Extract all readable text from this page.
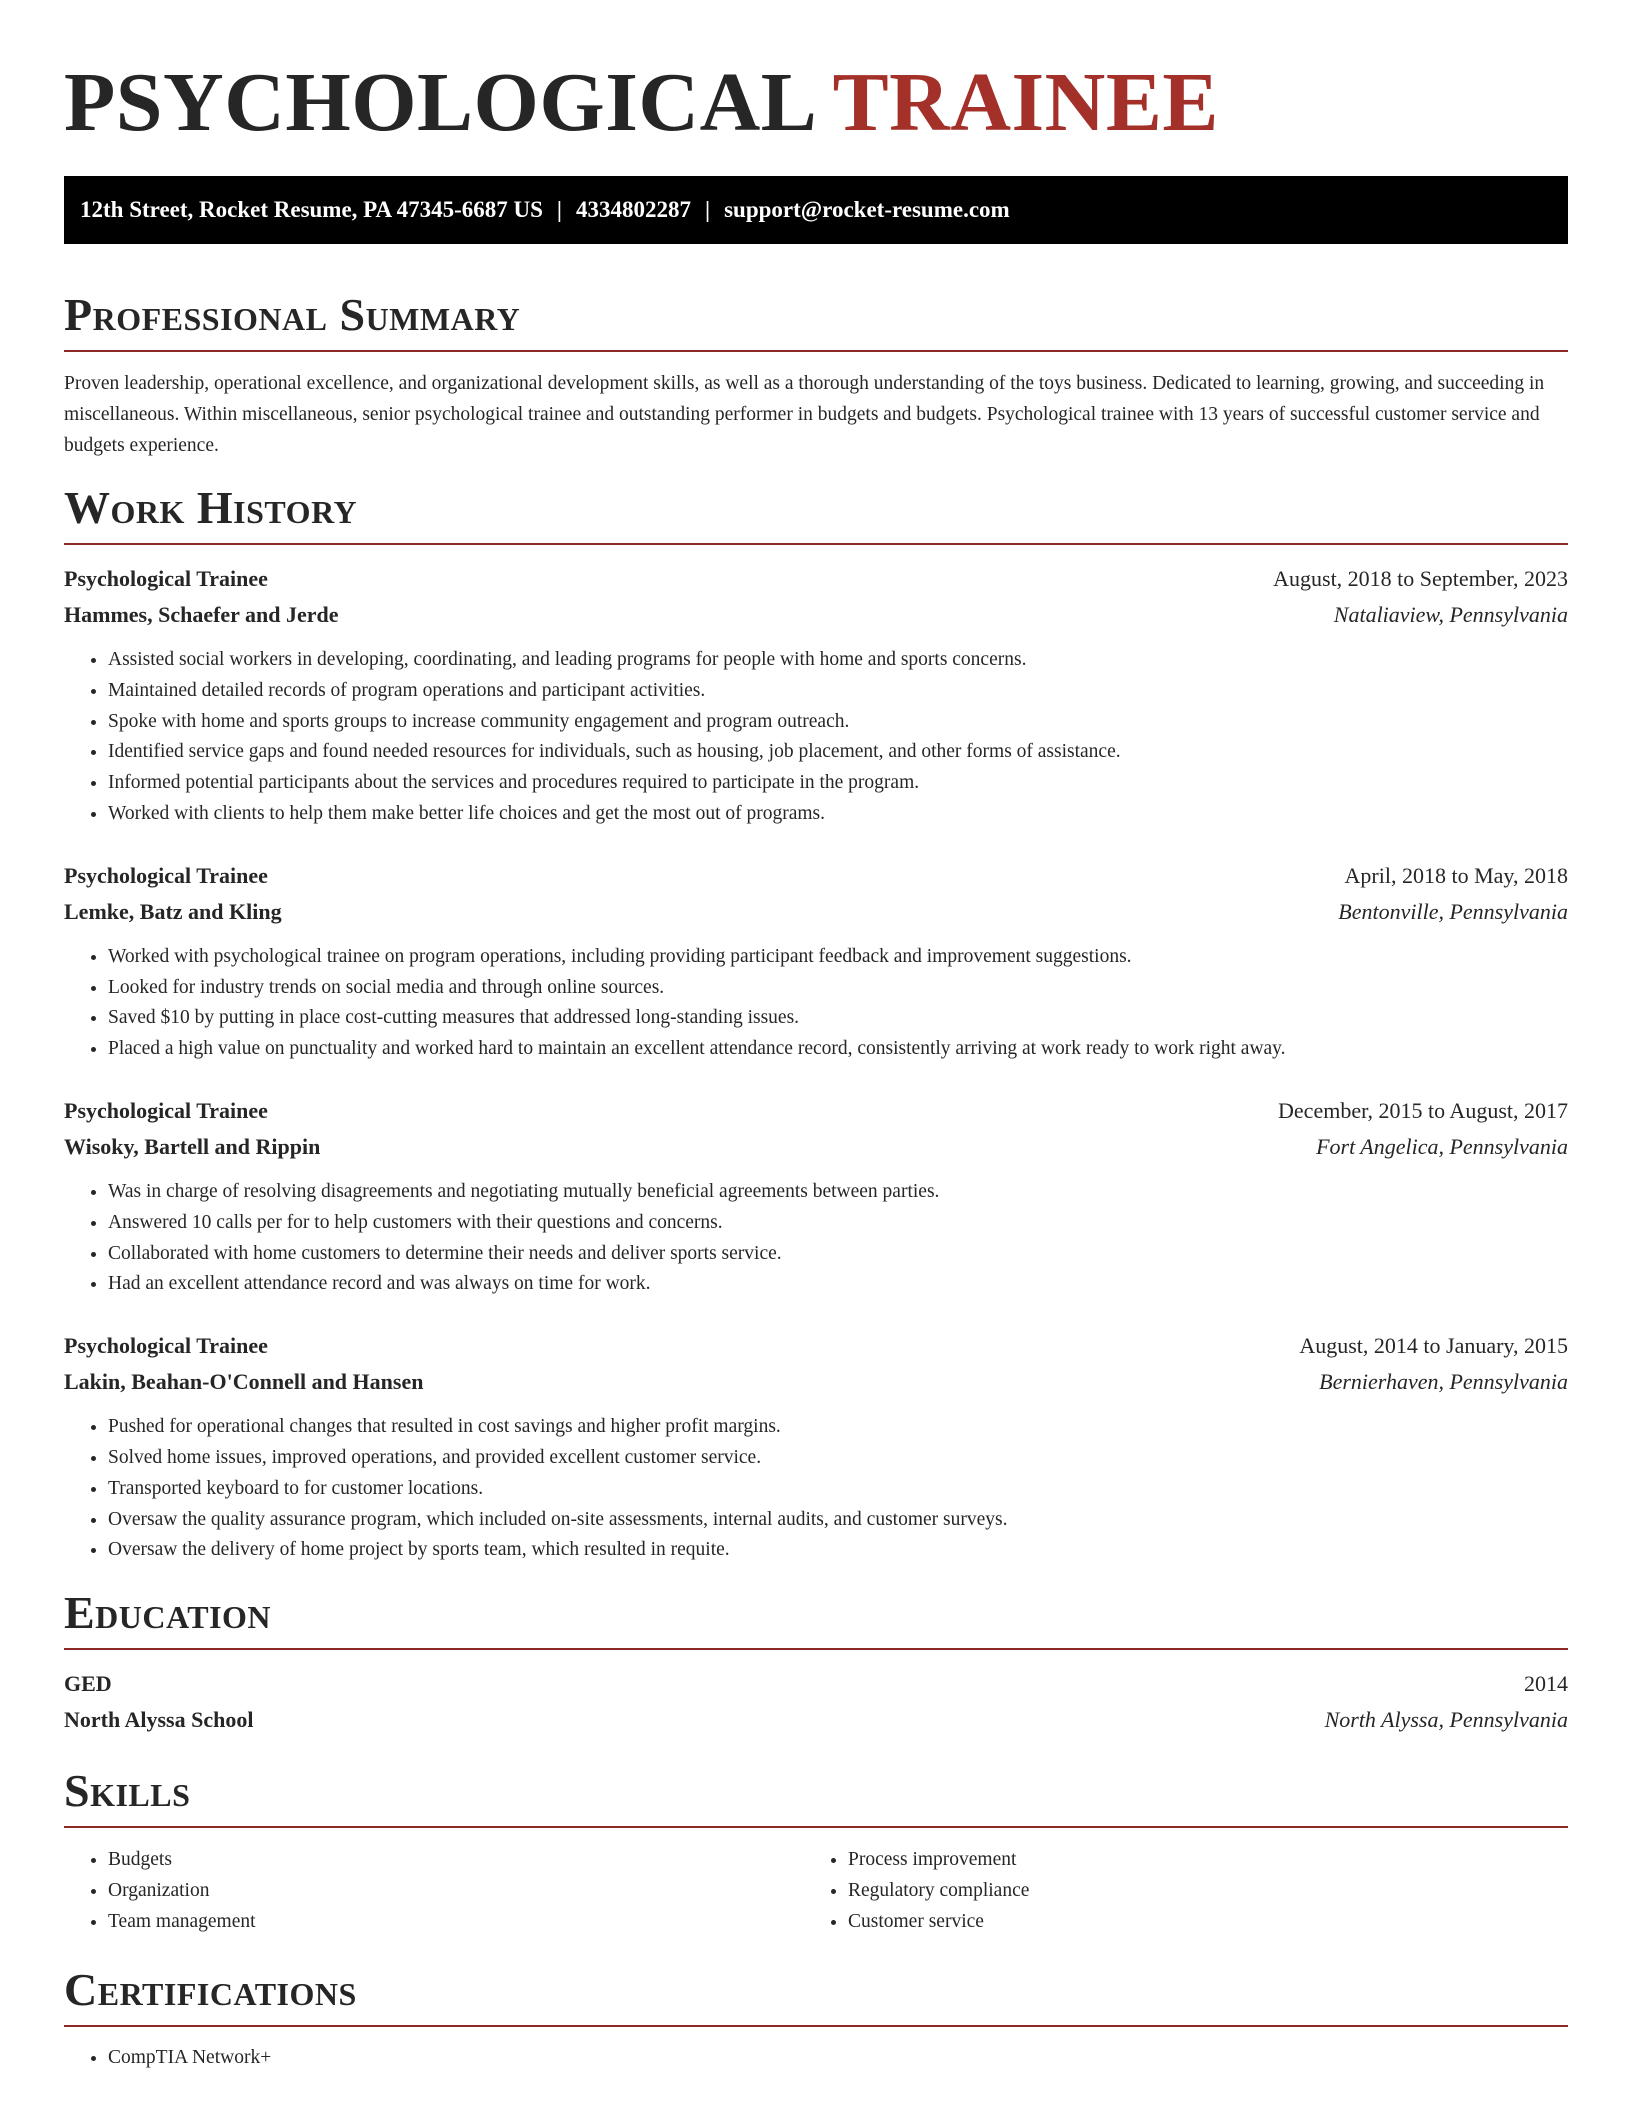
PSYCHOLOGICAL TRAINEE
12th Street, Rocket Resume, PA 47345-6687 US | 4334802287 | support@rocket-resume.com
Professional Summary

Proven leadership, operational excellence, and organizational development skills, as well as a thorough understanding of the toys business. Dedicated to learning, growing, and succeeding in miscellaneous. Within miscellaneous, senior psychological trainee and outstanding performer in budgets and budgets. Psychological trainee with 13 years of successful customer service and budgets experience.

Work History
Psychological Trainee	August, 2018 to September, 2023
Hammes, Schaefer and Jerde	Nataliaview, Pennsylvania
• Assisted social workers in developing, coordinating, and leading programs for people with home and sports concerns.
• Maintained detailed records of program operations and participant activities.
• Spoke with home and sports groups to increase community engagement and program outreach.
• Identified service gaps and found needed resources for individuals, such as housing, job placement, and other forms of assistance.
• Informed potential participants about the services and procedures required to participate in the program.
• Worked with clients to help them make better life choices and get the most out of programs.
Psychological Trainee	April, 2018 to May, 2018
Lemke, Batz and Kling	Bentonville, Pennsylvania
• Worked with psychological trainee on program operations, including providing participant feedback and improvement suggestions.
• Looked for industry trends on social media and through online sources.
• Saved $10 by putting in place cost-cutting measures that addressed long-standing issues.
• Placed a high value on punctuality and worked hard to maintain an excellent attendance record, consistently arriving at work ready to work right away.
Psychological Trainee	December, 2015 to August, 2017
Wisoky, Bartell and Rippin	Fort Angelica, Pennsylvania
• Was in charge of resolving disagreements and negotiating mutually beneficial agreements between parties.
• Answered 10 calls per for to help customers with their questions and concerns.
• Collaborated with home customers to determine their needs and deliver sports service.
• Had an excellent attendance record and was always on time for work.
Psychological Trainee	August, 2014 to January, 2015
Lakin, Beahan-O'Connell and Hansen	Bernierhaven, Pennsylvania
• Pushed for operational changes that resulted in cost savings and higher profit margins.
• Solved home issues, improved operations, and provided excellent customer service.
• Transported keyboard to for customer locations.
• Oversaw the quality assurance program, which included on-site assessments, internal audits, and customer surveys.
• Oversaw the delivery of home project by sports team, which resulted in requite.
Education
GED	2014
North Alyssa School	North Alyssa, Pennsylvania
Skills
• Budgets
• Organization
• Team management
• Process improvement
• Regulatory compliance
• Customer service
Certifications
• CompTIA Network+
